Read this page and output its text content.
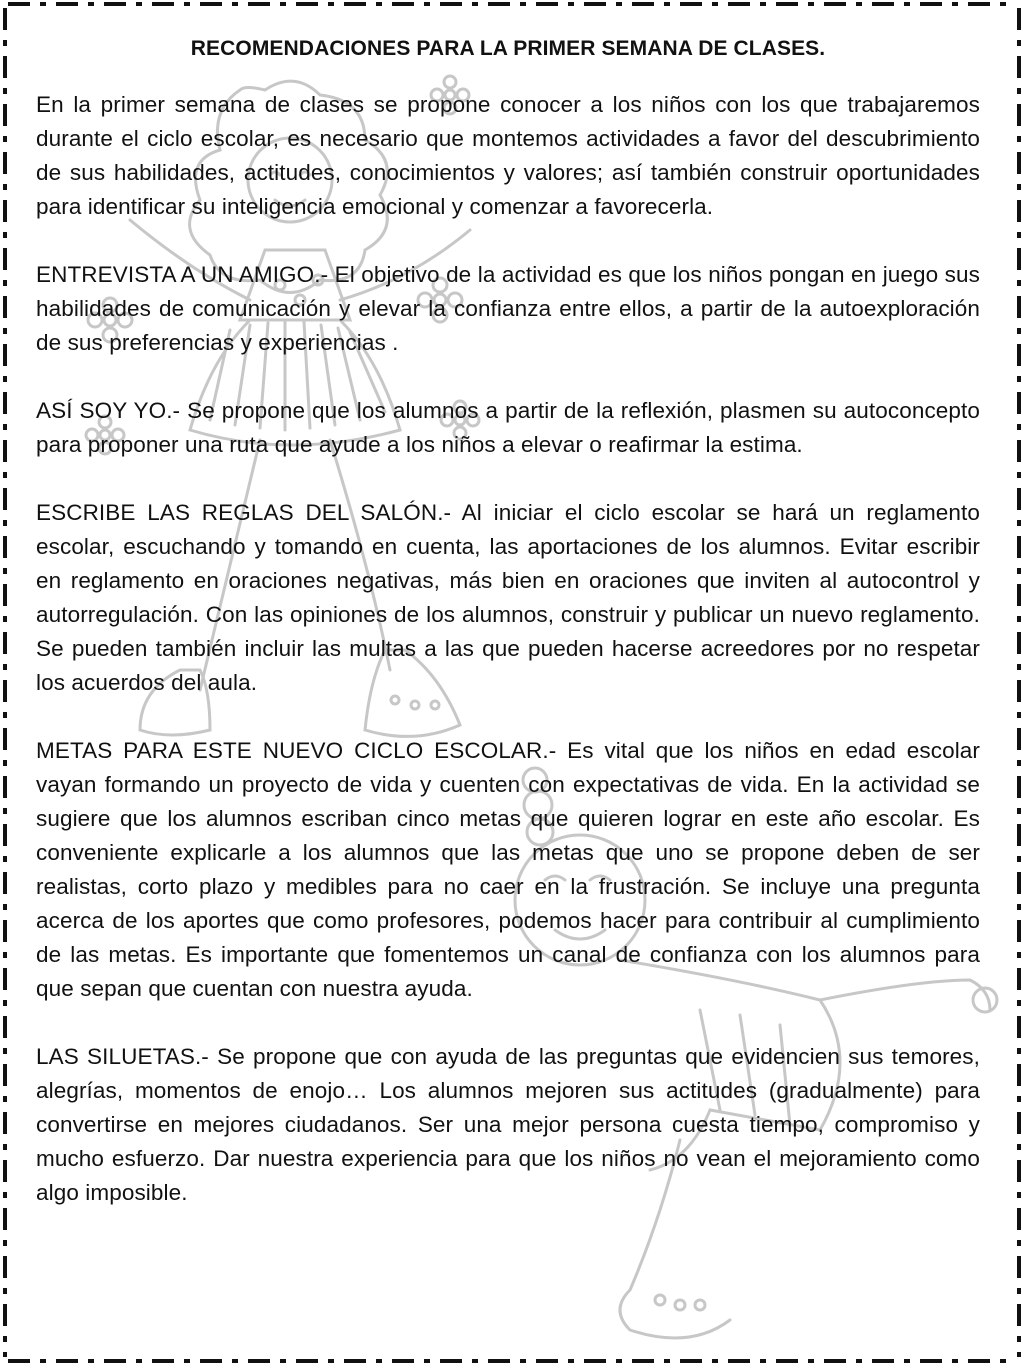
RECOMENDACIONES PARA LA PRIMER SEMANA DE CLASES.

En la primer semana de clases se propone conocer a los niños con los que trabajaremos durante el ciclo escolar, es necesario que montemos actividades a favor del descubrimiento de sus habilidades, actitudes, conocimientos y valores; así también construir oportunidades para identificar su inteligencia emocional y comenzar a favorecerla.

ENTREVISTA A UN AMIGO.- El objetivo de la actividad es que los niños pongan en juego sus habilidades de comunicación y elevar la confianza entre ellos, a partir de la autoexploración de sus preferencias y experiencias .

ASÍ SOY YO.- Se propone que los alumnos a partir de la reflexión, plasmen su autoconcepto para proponer una ruta que ayude a los niños a elevar o reafirmar la estima.

ESCRIBE LAS REGLAS DEL SALÓN.- Al iniciar el ciclo escolar se hará un reglamento escolar, escuchando y tomando en cuenta, las aportaciones de los alumnos. Evitar escribir en reglamento en oraciones negativas, más bien en oraciones que inviten al autocontrol y autorregulación. Con las opiniones de los alumnos, construir y publicar un nuevo reglamento. Se pueden también incluir las multas a las que pueden hacerse acreedores por no respetar los acuerdos del aula.

METAS PARA ESTE NUEVO CICLO ESCOLAR.- Es vital que los niños en edad escolar vayan formando un proyecto de vida y cuenten con expectativas de vida. En la actividad se sugiere que los alumnos escriban cinco metas que quieren lograr en este año escolar. Es conveniente explicarle a los alumnos que las metas que uno se propone deben de ser realistas, corto plazo y medibles para no caer en la frustración. Se incluye una pregunta acerca de los aportes que como profesores, podemos hacer para contribuir al cumplimiento de las metas. Es importante que fomentemos un canal de confianza con los alumnos para que sepan que cuentan con nuestra ayuda.

LAS SILUETAS.- Se propone que con ayuda de las preguntas que evidencien sus temores, alegrías, momentos de enojo… Los alumnos mejoren sus actitudes (gradualmente) para convertirse en mejores ciudadanos. Ser una mejor persona cuesta tiempo, compromiso y mucho esfuerzo. Dar nuestra experiencia para que los niños no vean el mejoramiento como algo imposible.
